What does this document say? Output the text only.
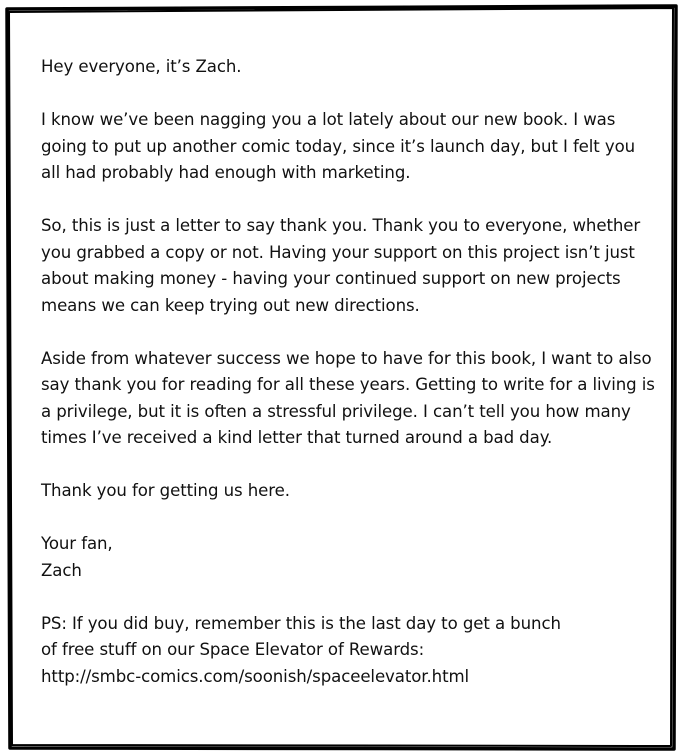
Hey everyone, it’s Zach.

I know we’ve been nagging you a lot lately about our new book. I was
going to put up another comic today, since it’s launch day, but I felt you
all had probably had enough with marketing.

So, this is just a letter to say thank you. Thank you to everyone, whether
you grabbed a copy or not. Having your support on this project isn’t just
about making money - having your continued support on new projects
means we can keep trying out new directions.

Aside from whatever success we hope to have for this book, I want to also
say thank you for reading for all these years. Getting to write for a living is
a privilege, but it is often a stressful privilege. I can’t tell you how many
times I’ve received a kind letter that turned around a bad day.

Thank you for getting us here.

Your fan,
Zach
PS: If you did buy, remember this is the last day to get a bunch
of free stuff on our Space Elevator of Rewards:
http://smbc-comics.com/soonish/spaceelevator.html
